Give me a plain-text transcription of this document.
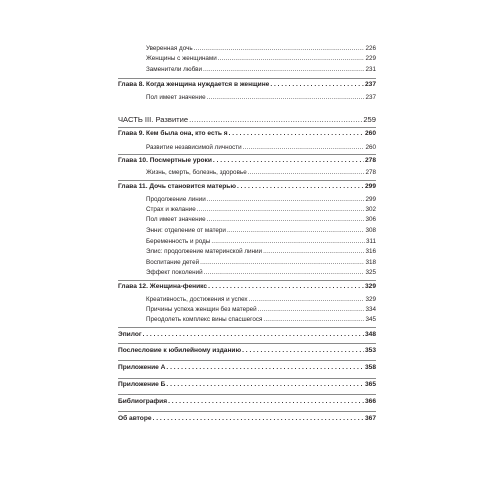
Уверенная дочь .....	226
Женщины с женщинами .....	229
Заменители любви .....	231
Глава 8. Когда женщина нуждается в женщине . . .	237
Пол имеет значение .....	237
ЧАСТЬ III. Развитие .....	259
Глава 9. Кем была она, кто есть я . . .	260
Развитие независимой личности .....	260
Глава 10. Посмертные уроки . . .	278
Жизнь, смерть, болезнь, здоровье .....	278
Глава 11. Дочь становится матерью . . .	299
Продолжение линии .....	299
Страх и желание .....	302
Пол имеет значение .....	306
Энни: отделение от матери .....	308
Беременность и роды .....	311
Элис: продолжение материнской линии .....	316
Воспитание детей .....	318
Эффект поколений .....	325
Глава 12. Женщина-феникс . . .	329
Креативность, достижения и успех .....	329
Причины успеха женщин без матерей .....	334
Преодолеть комплекс вины спасшегося .....	345
Эпилог . . .	348
Послесловие к юбилейному изданию . . .	353
Приложение А . . .	358
Приложение Б . . .	365
Библиография . . .	366
Об авторе . . .	367
